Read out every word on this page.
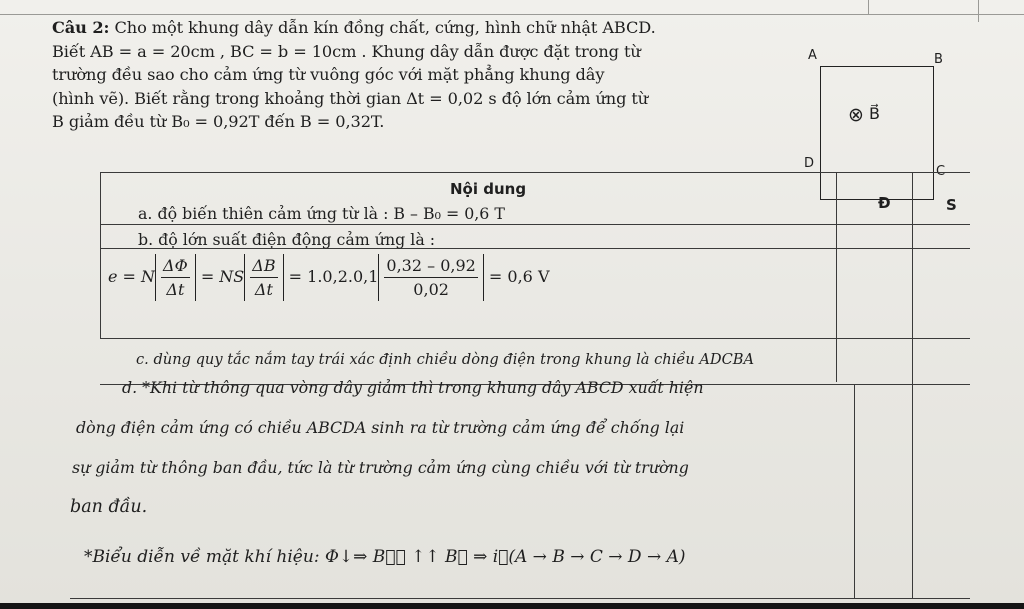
Câu 2: Cho một khung dây dẫn kín đồng chất, cứng, hình chữ nhật ABCD.
Biết AB = a = 20cm , BC = b = 10cm . Khung dây dẫn được đặt trong từ
trường đều sao cho cảm ứng từ vuông góc với mặt phẳng khung dây
(hình vẽ). Biết rằng trong khoảng thời gian Δt = 0,02 s độ lớn cảm ứng từ
B giảm đều từ B₀ = 0,92T đến B = 0,32T.
A	B
D
⊗ B⃗
Nội dung
Đ	S
a. độ biến thiên cảm ứng từ là : B – B₀ = 0,6 T
b. độ lớn suất điện động cảm ứng là :
e = N $\frac{\Delta\Phi}{\Delta t}$ = NS $\frac{\Delta B}{\Delta t} = 1.0,2.0,1 \frac{0,32 - 0,92}{0,02} = 0,6$ V
c. dùng quy tắc nắm tay trái xác định chiều dòng điện trong khung là chiều ADCBA
d. *Khi từ thông qua vòng dây giảm thì trong khung dây ABCD xuất hiện
dòng điện cảm ứng có chiều ABCDA sinh ra từ trường cảm ứng để chống lại
sự giảm từ thông ban đầu, tức là từ trường cảm ứng cùng chiều với từ trường
ban đầu.
*Biểu diễn về mặt khí hiệu: Φ↓⇒ B⃗꜀ ↑↑ B⃗ ⇒ i꜀(A → B → C → D → A)
